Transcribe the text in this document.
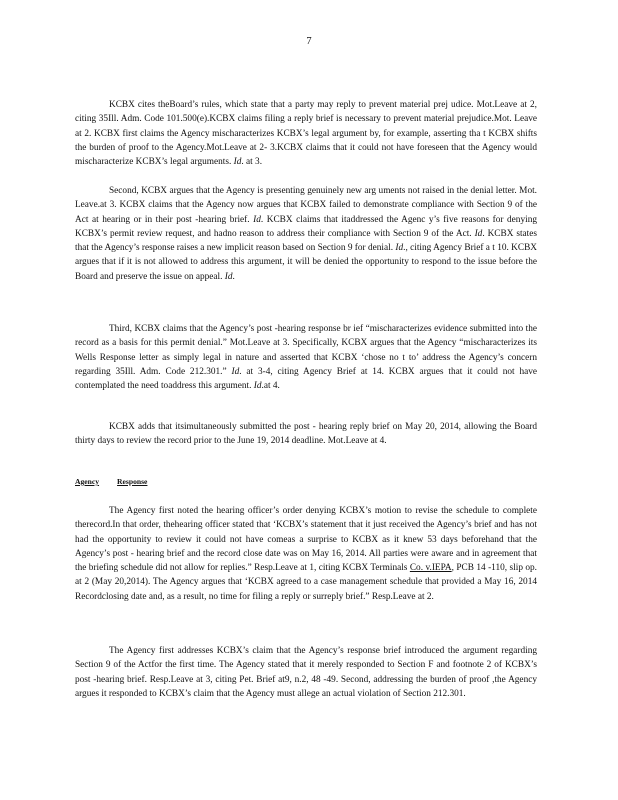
7

KCBX cites theBoard’s rules, which state that a party may reply to prevent material prej udice. Mot.Leave at 2, citing 35Ill. Adm. Code 101.500(e).KCBX claims filing a reply brief is necessary to prevent material prejudice.Mot. Leave at 2. KCBX first claims the Agency mischaracterizes KCBX’s legal argument by, for example, asserting tha t KCBX shifts the burden of proof to the Agency.Mot.Leave at 2- 3.KCBX claims that it could not have foreseen that the Agency would mischaracterize KCBX’s legal arguments. Id. at 3.

Second, KCBX argues that the Agency is presenting genuinely new arg uments not raised in the denial letter. Mot. Leave.at 3. KCBX claims that the Agency now argues that KCBX failed to demonstrate compliance with Section 9 of the Act at hearing or in their post -hearing brief. Id. KCBX claims that itaddressed the Agenc y’s five reasons for denying KCBX’s permit review request, and hadno reason to address their compliance with Section 9 of the Act. Id. KCBX states that the Agency’s response raises a new implicit reason based on Section 9 for denial. Id., citing Agency Brief a t 10. KCBX argues that if it is not allowed to address this argument, it will be denied the opportunity to respond to the issue before the Board and preserve the issue on appeal. Id.

Third, KCBX claims that the Agency’s post -hearing response br ief “mischaracterizes evidence submitted into the record as a basis for this permit denial.” Mot.Leave at 3. Specifically, KCBX argues that the Agency “mischaracterizes its Wells Response letter as simply legal in nature and asserted that KCBX ‘chose no t to’ address the Agency’s concern regarding 35Ill. Adm. Code 212.301.” Id. at 3-4, citing Agency Brief at 14. KCBX argues that it could not have contemplated the need toaddress this argument. Id.at 4.

KCBX adds that itsimultaneously submitted the post - hearing reply brief on May 20, 2014, allowing the Board thirty days to review the record prior to the June 19, 2014 deadline. Mot.Leave at 4.

Agency Response

The Agency first noted the hearing officer’s order denying KCBX’s motion to revise the schedule to complete therecord.In that order, thehearing officer stated that ‘KCBX’s statement that it just received the Agency’s brief and has not had the opportunity to review it could not have comeas a surprise to KCBX as it knew 53 days beforehand that the Agency’s post - hearing brief and the record close date was on May 16, 2014. All parties were aware and in agreement that the briefing schedule did not allow for replies.” Resp.Leave at 1, citing KCBX Terminals Co. v.IEPA, PCB 14 -110, slip op. at 2 (May 20,2014). The Agency argues that ‘KCBX agreed to a case management schedule that provided a May 16, 2014 Recordclosing date and, as a result, no time for filing a reply or surreply brief.” Resp.Leave at 2.

The Agency first addresses KCBX’s claim that the Agency’s response brief introduced the argument regarding Section 9 of the Actfor the first time. The Agency stated that it merely responded to Section F and footnote 2 of KCBX’s post -hearing brief. Resp.Leave at 3, citing Pet. Brief at9, n.2, 48 -49. Second, addressing the burden of proof ,the Agency argues it responded to KCBX’s claim that the Agency must allege an actual violation of Section 212.301.
